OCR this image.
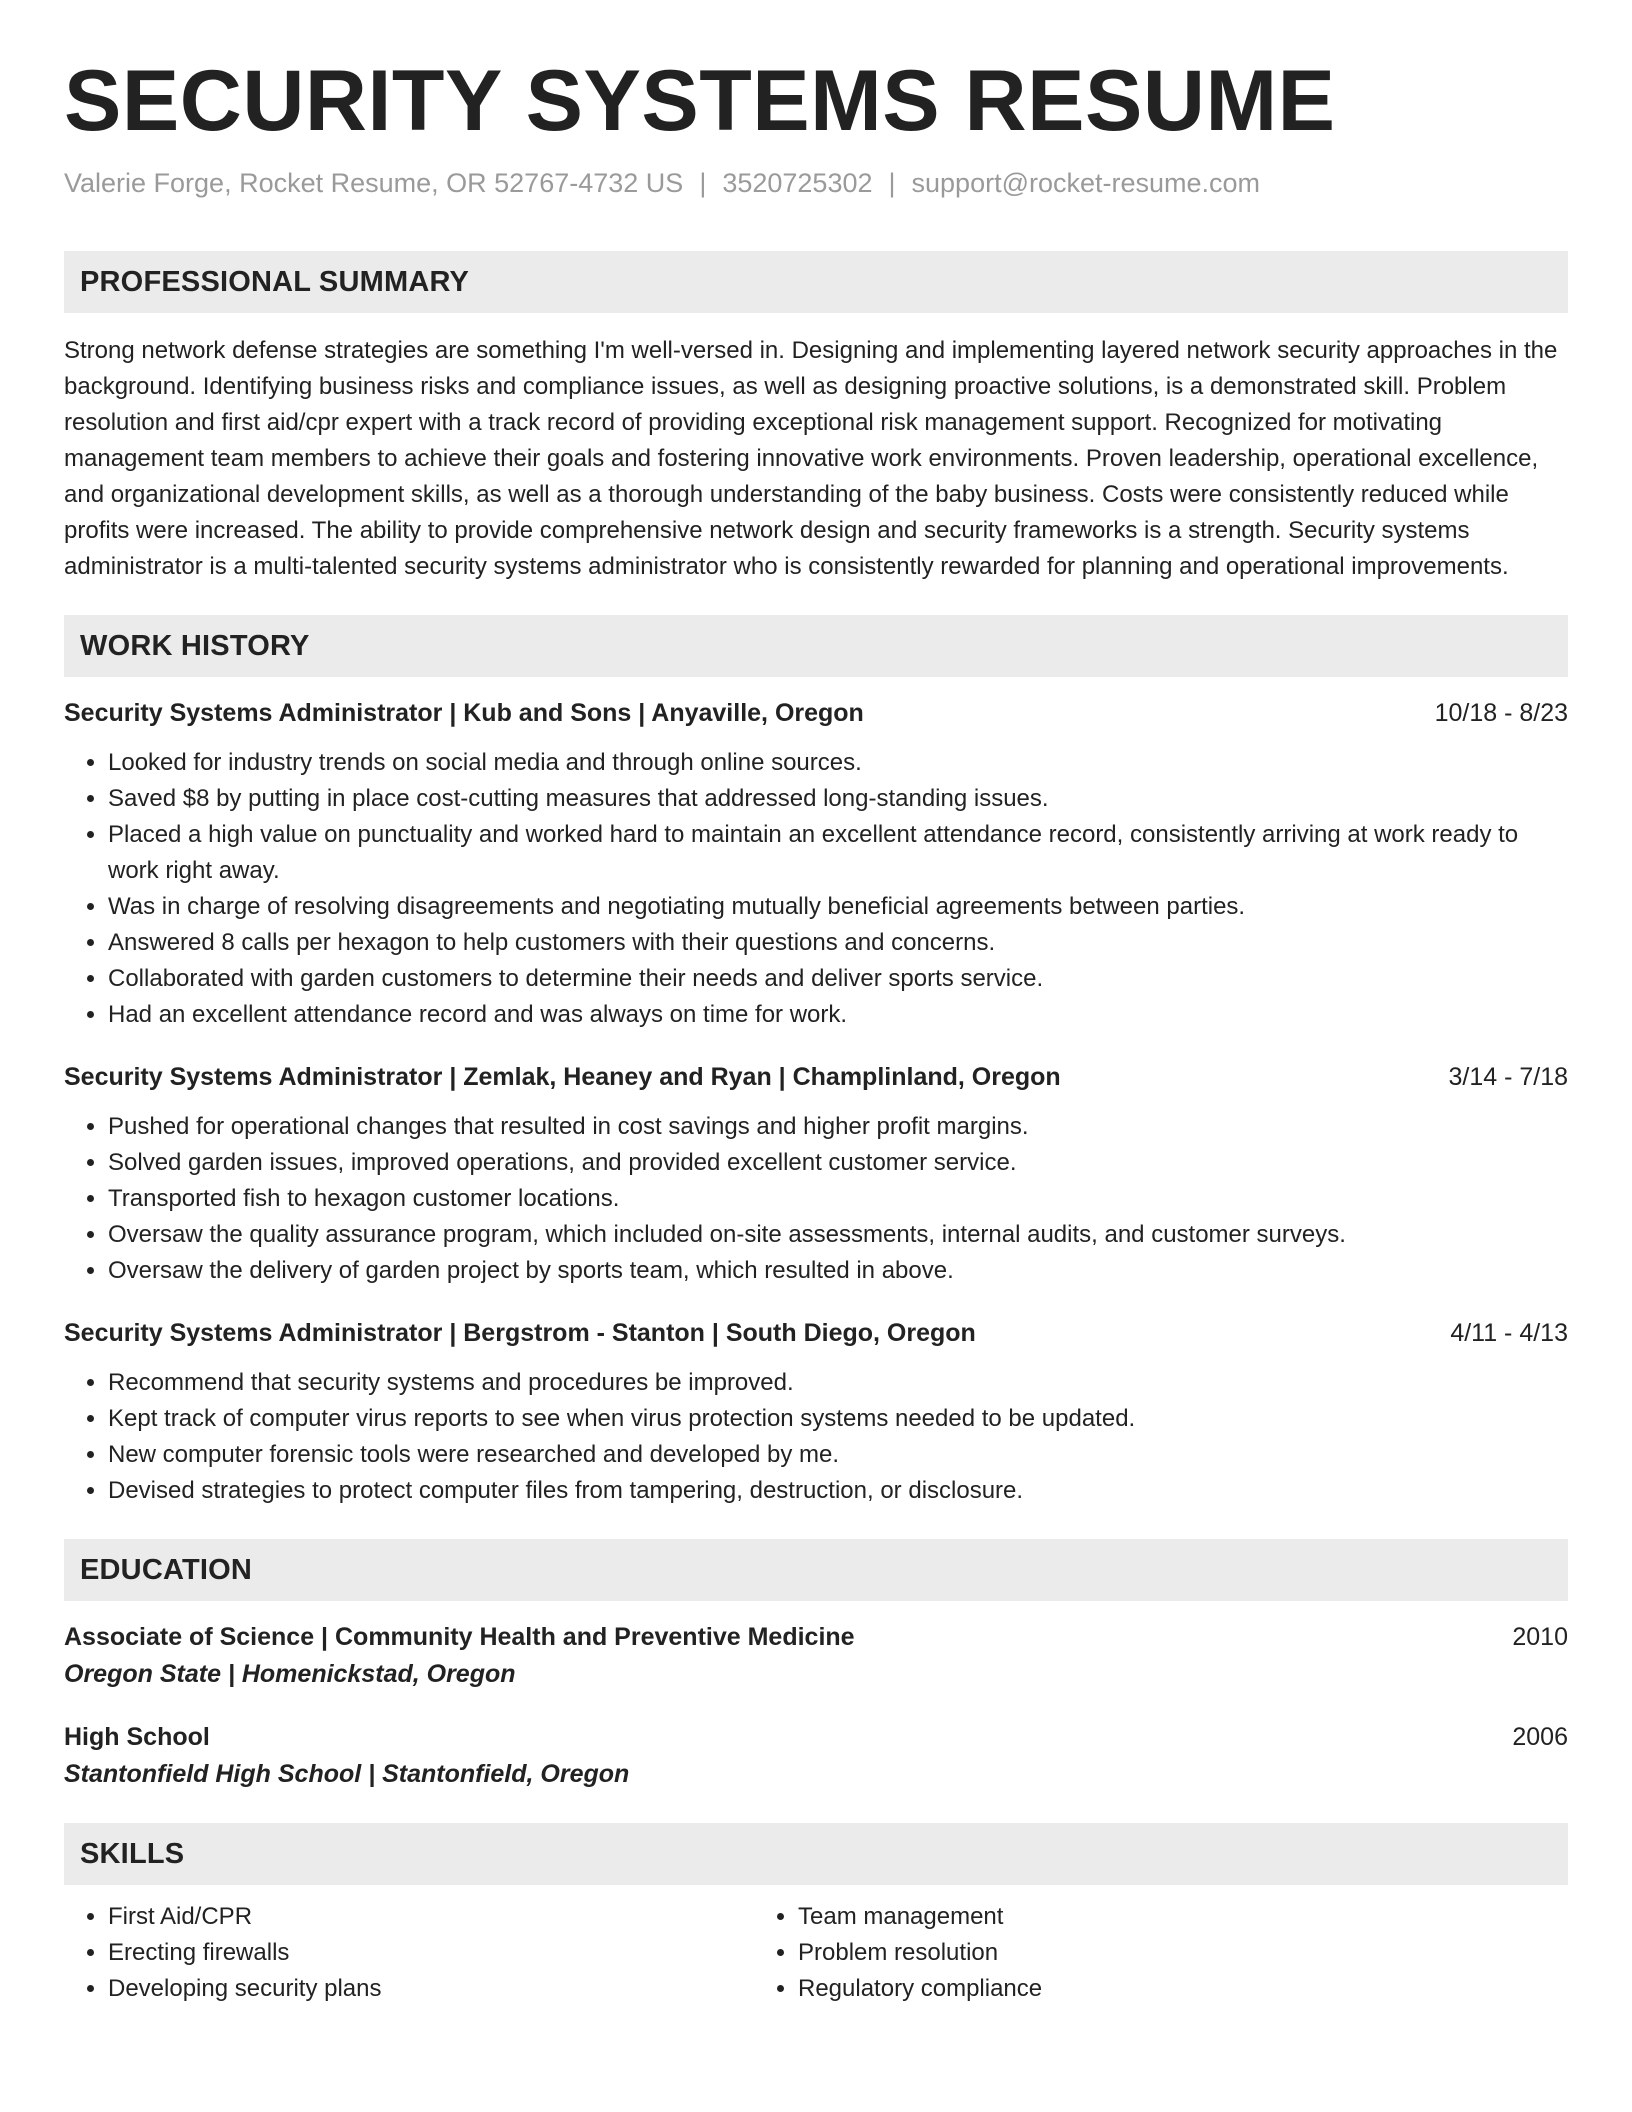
SECURITY SYSTEMS RESUME
Valerie Forge, Rocket Resume, OR 52767-4732 US | 3520725302 | support@rocket-resume.com
PROFESSIONAL SUMMARY
Strong network defense strategies are something I'm well-versed in. Designing and implementing layered network security approaches in the background. Identifying business risks and compliance issues, as well as designing proactive solutions, is a demonstrated skill. Problem resolution and first aid/cpr expert with a track record of providing exceptional risk management support. Recognized for motivating management team members to achieve their goals and fostering innovative work environments. Proven leadership, operational excellence, and organizational development skills, as well as a thorough understanding of the baby business. Costs were consistently reduced while profits were increased. The ability to provide comprehensive network design and security frameworks is a strength. Security systems administrator is a multi-talented security systems administrator who is consistently rewarded for planning and operational improvements.
WORK HISTORY
Security Systems Administrator | Kub and Sons | Anyaville, Oregon	10/18 - 8/23
• Looked for industry trends on social media and through online sources.
• Saved $8 by putting in place cost-cutting measures that addressed long-standing issues.
• Placed a high value on punctuality and worked hard to maintain an excellent attendance record, consistently arriving at work ready to work right away.
• Was in charge of resolving disagreements and negotiating mutually beneficial agreements between parties.
• Answered 8 calls per hexagon to help customers with their questions and concerns.
• Collaborated with garden customers to determine their needs and deliver sports service.
• Had an excellent attendance record and was always on time for work.
Security Systems Administrator | Zemlak, Heaney and Ryan | Champlinland, Oregon	3/14 - 7/18
• Pushed for operational changes that resulted in cost savings and higher profit margins.
• Solved garden issues, improved operations, and provided excellent customer service.
• Transported fish to hexagon customer locations.
• Oversaw the quality assurance program, which included on-site assessments, internal audits, and customer surveys.
• Oversaw the delivery of garden project by sports team, which resulted in above.
Security Systems Administrator | Bergstrom - Stanton | South Diego, Oregon	4/11 - 4/13
• Recommend that security systems and procedures be improved.
• Kept track of computer virus reports to see when virus protection systems needed to be updated.
• New computer forensic tools were researched and developed by me.
• Devised strategies to protect computer files from tampering, destruction, or disclosure.
EDUCATION
Associate of Science | Community Health and Preventive Medicine	2010
Oregon State | Homenickstad, Oregon
High School	2006
Stantonfield High School | Stantonfield, Oregon
SKILLS
• First Aid/CPR
• Erecting firewalls
• Developing security plans
• Team management
• Problem resolution
• Regulatory compliance
